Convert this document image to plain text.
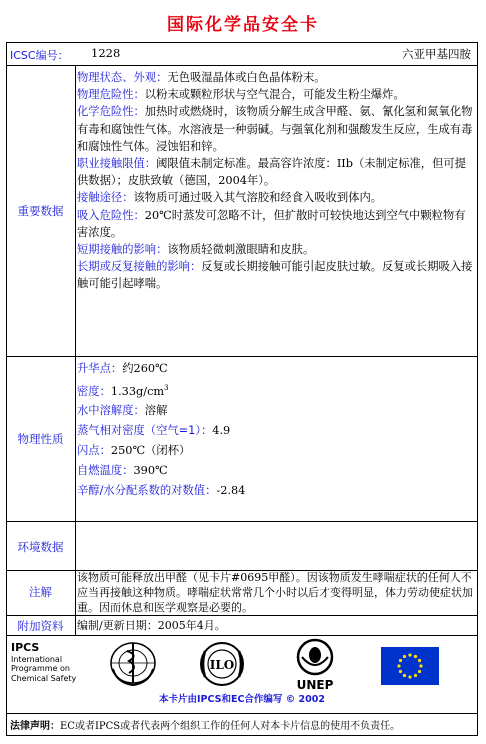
国际化学品安全卡
ICSC编号： 1228	六亚甲基四胺
重要数据

物理状态、外观：无色吸湿晶体或白色晶体粉末。

物理危险性：以粉末或颗粒形状与空气混合，可能发生粉尘爆炸。

化学危险性：加热时或燃烧时，该物质分解生成含甲醛、氨、氰化氢和氮氧化物有毒和腐蚀性气体。水溶液是一种弱碱。与强氧化剂和强酸发生反应，生成有毒和腐蚀性气体。浸蚀铝和锌。

职业接触限值：阈限值未制定标准。最高容许浓度：IIb（未制定标准，但可提供数据）；皮肤致敏（德国，2004年）。

接触途径：该物质可通过吸入其气溶胶和经食入吸收到体内。

吸入危险性：20℃时蒸发可忽略不计，但扩散时可较快地达到空气中颗粒物有害浓度。

短期接触的影响：该物质轻微刺激眼睛和皮肤。

长期或反复接触的影响：反复或长期接触可能引起皮肤过敏。反复或长期吸入接触可能引起哮喘。

物理性质

升华点：约260℃

密度：$1.33g/cm^3$

水中溶解度：溶解

蒸气相对密度（空气=1）：4.9

闪点：250℃（闭杯）

自燃温度：390℃

辛醇/水分配系数的对数值：-2.84

环境数据
注解
该物质可能释放出甲醛（见卡片#0695甲醛）。因该物质发生哮喘症状的任何人不应当再接触这种物质。哮喘症状常常几个小时以后才变得明显，体力劳动使症状加重。因而休息和医学观察是必要的。
附加资料	编制/更新日期：2005年4月。
IPCS
International
Programme on
Chemical Safety
ILO
UNEP
本卡片由IPCS和EC合作编写 © 2002
法律声明：EC或者IPCS或者代表两个组织工作的任何人对本卡片信息的使用不负责任。
